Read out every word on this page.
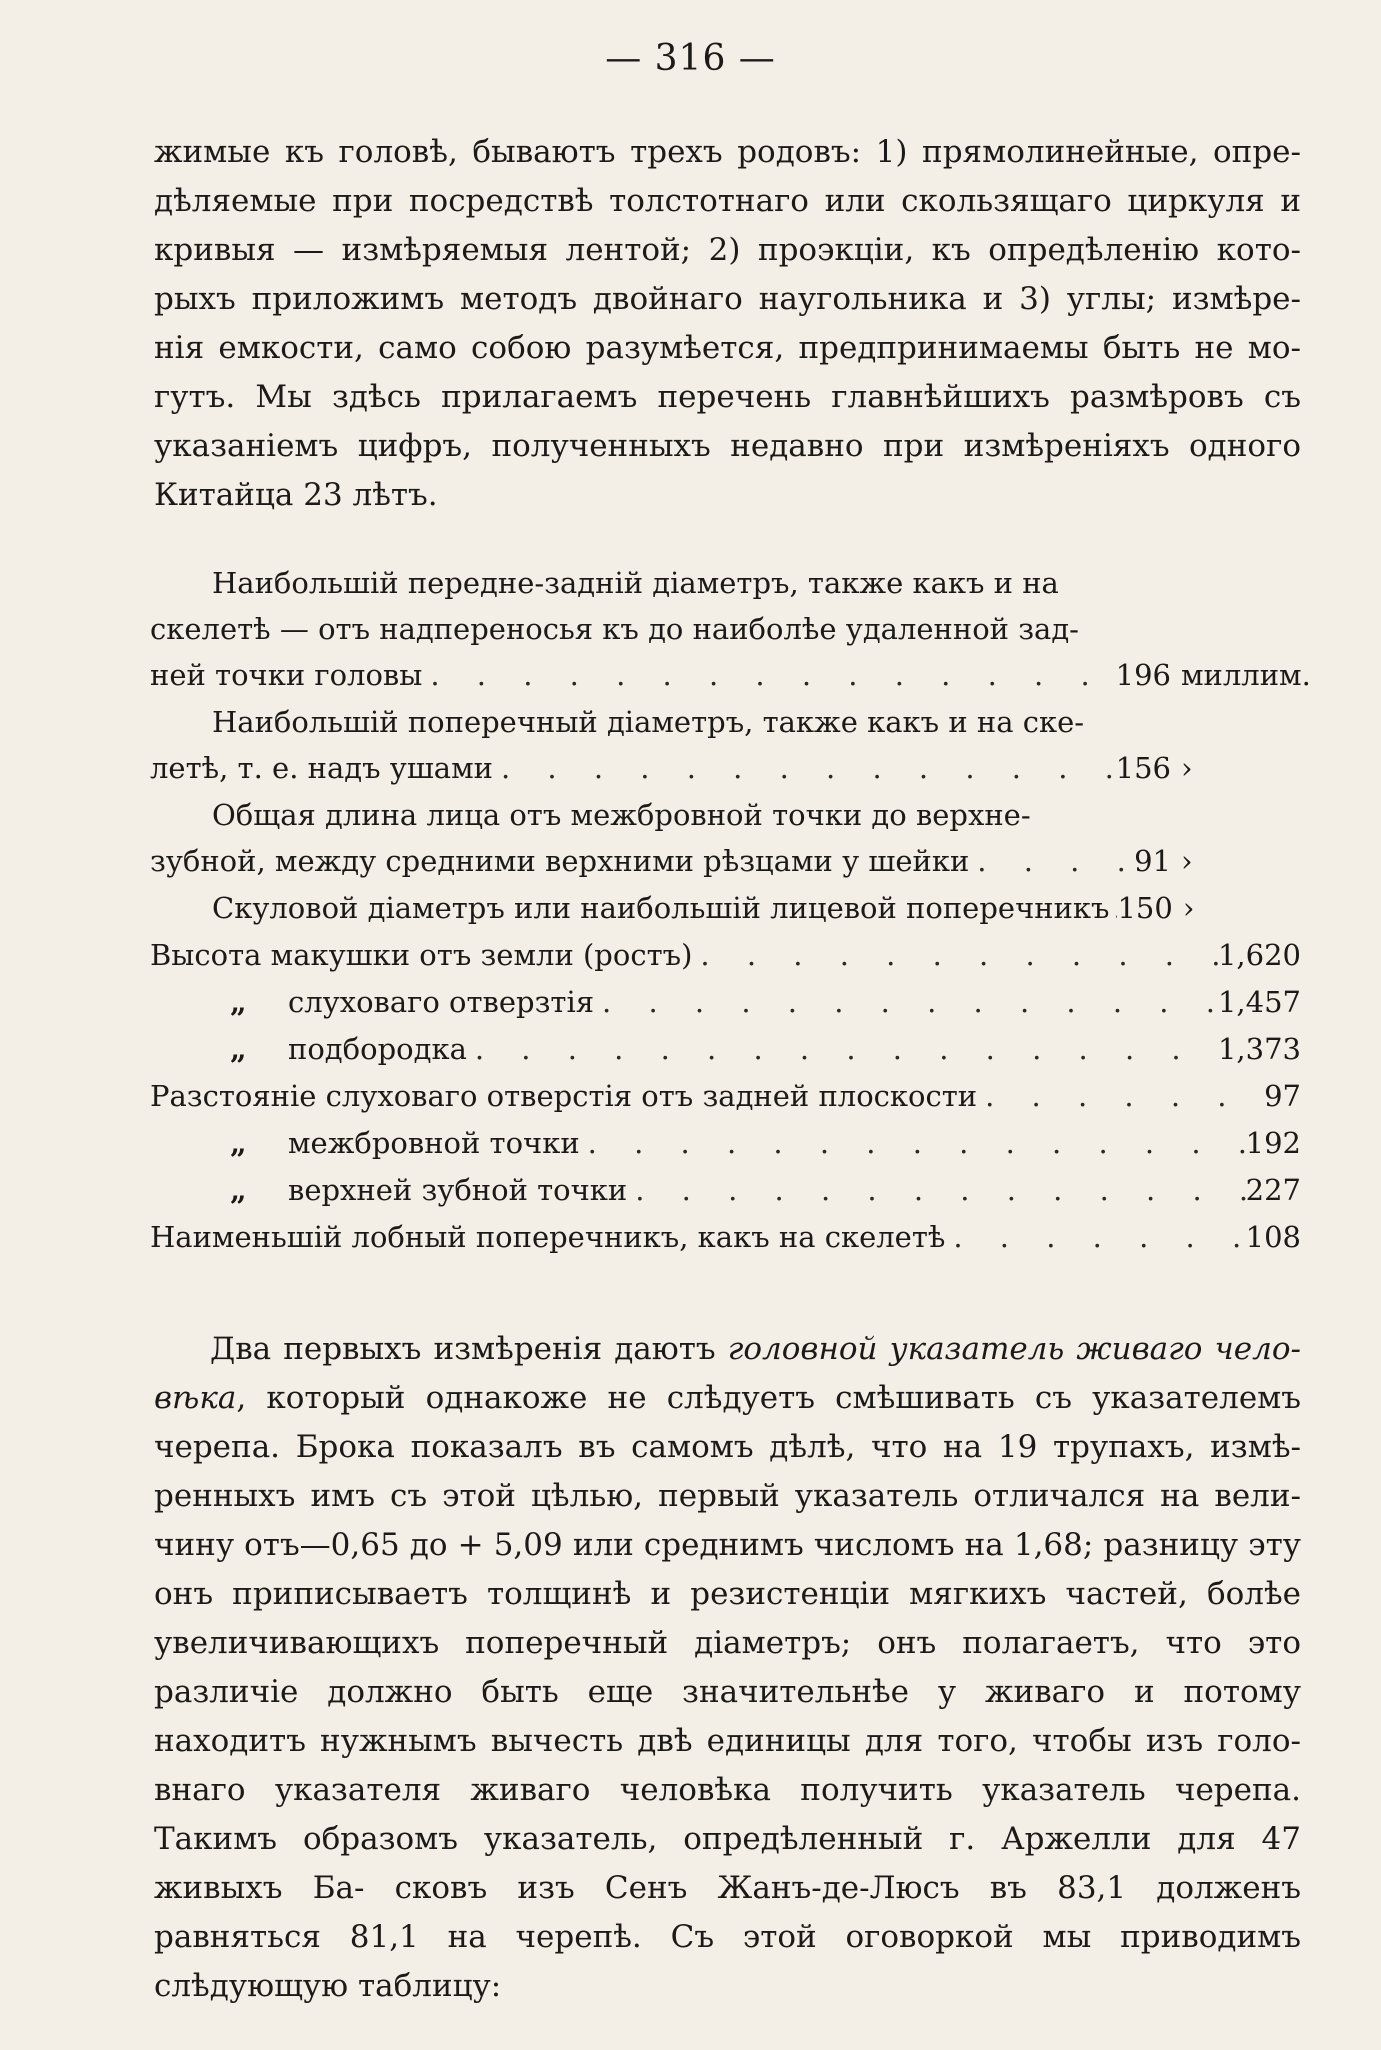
— 316 —

жимые къ головѣ, бываютъ трехъ родовъ: 1) прямолинейные, опре- дѣляемые при посредствѣ толстотнаго или скользящаго циркуля и кривыя — измѣряемыя лентой; 2) проэкціи, къ опредѣленію кото- рыхъ приложимъ методъ двойнаго наугольника и 3) углы; измѣре- нія емкости, само собою разумѣется, предпринимаемы быть не мо- гутъ. Мы здѣсь прилагаемъ перечень главнѣйшихъ размѣровъ съ указаніемъ цифръ, полученныхъ недавно при измѣреніяхъ одного Китайца 23 лѣтъ.

Наибольшій передне-задній діаметръ, также какъ и на
скелетѣ — отъ надпереносья къ до наиболѣе удаленной зад-
ней точки головы . . .	196 миллим.
Наибольшій поперечный діаметръ, также какъ и на ске-
летѣ, т. е. надъ ушами . . .	156 ›
Общая длина лица отъ межбровной точки до верхне-
зубной, между средними верхними рѣзцами у шейки . . .	91 ›
Скуловой діаметръ или наибольшій лицевой поперечникъ . . . 150 ›
Высота макушки отъ земли (ростъ) . . .	1,620
„	слуховаго отверзтія . . .	1,457
„	подбородка . . .	1,373
Разстояніе слуховаго отверстія отъ задней плоскости . . .	97
„	межбровной точки . . .	192
„	верхней зубной точки . . .	227
Наименьшій лобный поперечникъ, какъ на скелетѣ . . .	108

Два первыхъ измѣренія даютъ головной указатель живаго чело-вѣка, который однакоже не слѣдуетъ смѣшивать съ указателемъ черепа. Брока показалъ въ самомъ дѣлѣ, что на 19 трупахъ, измѣ- ренныхъ имъ съ этой цѣлью, первый указатель отличался на вели- чину отъ—0,65 до + 5,09 или среднимъ числомъ на 1,68; разницу эту онъ приписываетъ толщинѣ и резистенціи мягкихъ частей, болѣе увеличивающихъ поперечный діаметръ; онъ полагаетъ, что это различіе должно быть еще значительнѣе у живаго и потому находитъ нужнымъ вычесть двѣ единицы для того, чтобы изъ голо- внаго указателя живаго человѣка получить указатель черепа. Такимъ образомъ указатель, опредѣленный г. Аржелли для 47 живыхъ Ба- сковъ изъ Сенъ Жанъ-де-Люсъ въ 83,1 долженъ равняться 81,1 на черепѣ. Съ этой оговоркой мы приводимъ слѣдующую таблицу:
